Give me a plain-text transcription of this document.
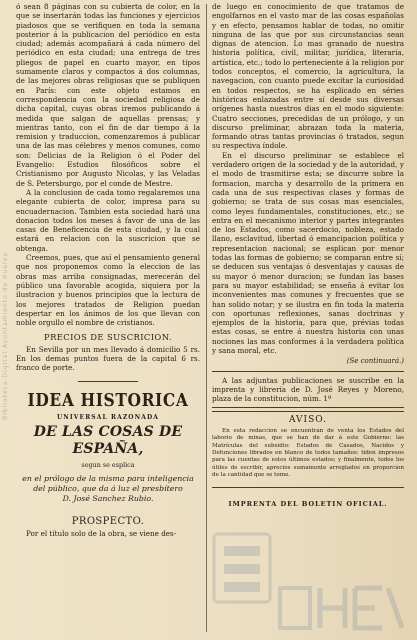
Biblioteca Digital Ayuntamiento de Huelva

ó sean 8 páginas con su cubierta de color, en la que se insertarán todas las funciones y ejercicios piadosos que se verifiquen en toda la semana posterior á la publicacion del periódico en esta ciudad; además acompañará á cada número del periódico en esta ciudad; una entrega de tres pliegos de papel en cuarto mayor, en tipos sumamente claros y compactos á dos columnas, de las mejores obras religiosas que se publiquen en París: con este objeto estamos en correspondencia con la sociedad religiosa de dicha capital, cuyas obras iremos publicando á medida que salgan de aquellas prensas; y mientras tanto, con el fin de dar tiempo á la remision y traduccion, comenzaremos á publicar una de las mas célebres y menos comunes, como son: Delicias de la Religion ó el Poder del Evangelio: Estudios filosóficos sobre el Cristianismo por Augusto Nicolas, y las Veladas de S. Petersburgo, por el conde de Mestre.

A la conclusion de cada tomo regalaremos una elegante cubierta de color, impresa para su encuadernacion. Tambien esta sociedad hará una donacion todos los meses á favor de una de las casas de Beneficencia de esta ciudad, y la cual estará en relacion con la suscricion que se obtenga.

Creemos, pues, que así el pensamiento general que nos proponemos como la eleccion de las obras mas arriba consignadas, merecerán del público una favorable acogida, siquiera por la ilustracion y buenos principios que la lectura de los mejores tratados de Religion puedan despertar en los ánimos de los que llevan con noble orgullo el nombre de cristianos.

PRECIOS DE SUSCRICION.

En Sevilla por un mes llevado á domicilio 5 rs. En los demas puntos fuera de la capital 6 rs. franco de porte.

IDEA HISTORICA
UNIVERSAL RAZONADA
DE LAS COSAS DE ESPAÑA,
segun se esplica
en el prólogo de la misma para inteligencia
del público, que da á luz el presbítero
D. José Sanchez Rubio.
PROSPECTO.

Por el título solo de la obra, se viene des-

de luego en conocimiento de que tratamos de engolfarnos en el vasto mar de las cosas españolas y en efecto, pensamos hablar de todas, no omitir ninguna de las que por sus circunstancias sean dignas de atencion. Lo mas granado de nuestra historia política, civil, militar, jurídica, literaria, artística, etc.; todo lo perteneciente á la religion por todos conceptos, el comercio, la agricultura, la navegacion, con cuanto puede excitar la curiosidad en todos respectos, se ha esplicado en séries históricas enlazadas entre sí desde sus diversas orígenes hasta nuestros dias en el modo siguiente: Cuatro secciones, precedidas de un prólogo, y un discurso preliminar, abrazan toda la materia, formando otras tantas provincias ó tratados, segun su respectiva índole.

En el discurso preliminar se establece el verdadero origen de la sociedad y de la autoridad, y el modo de trasmitirse esta; se discurre sobre la formacion, marcha y desarrollo de la primera en cada una de sus respectivas clases y formas de gobierno; se trata de sus cosas mas esenciales, como leyes fundamentales, constituciones, etc.; se entra en el mecanismo interior y partes integrantes de los Estados, como sacerdocio, nobleza, estado llano, esclavitud, libertad ó emancipacion política y representacion nacional; se esplican por menor todas las formas de gobierno; se comparan entre sí; se deducen sus ventajas ó desventajas y causas de su mayor ó menor duracion; se fundan las bases para su mayor estabilidad; se enseña á evitar los inconvenientes mas comunes y frecuentes que se han solido notar; y se ilustra en fin toda la materia con oportunas reflexiones, sanas doctrinas y ejemplos de la historia, para que, prévias todas estas cosas, se entre á nuestra historia con unas nociones las mas conformes á la verdadera política y sana moral, etc.

(Se continuará.)

A las adjuntas publicaciones se suscribe en la imprenta y librería de D. José Reyes y Moreno, plaza de la constitucion, núm. 1º

AVISO.

En esta redaccion se encuentran de venta los Estados del laborio de minas, que se han de dar á este Gobierno: las Matrículas del subsidio: Estados de Casados, Nacidos y Defunciones librados en blanco de todos tamaños: tiden impresos para las cuentas de estos últimos estados; y finalmente, todos los útiles de escribir, aprecios sumamente arreglados en proporcion de la cantidad que se tome.

IMPRENTA DEL BOLETIN OFICIAL.
